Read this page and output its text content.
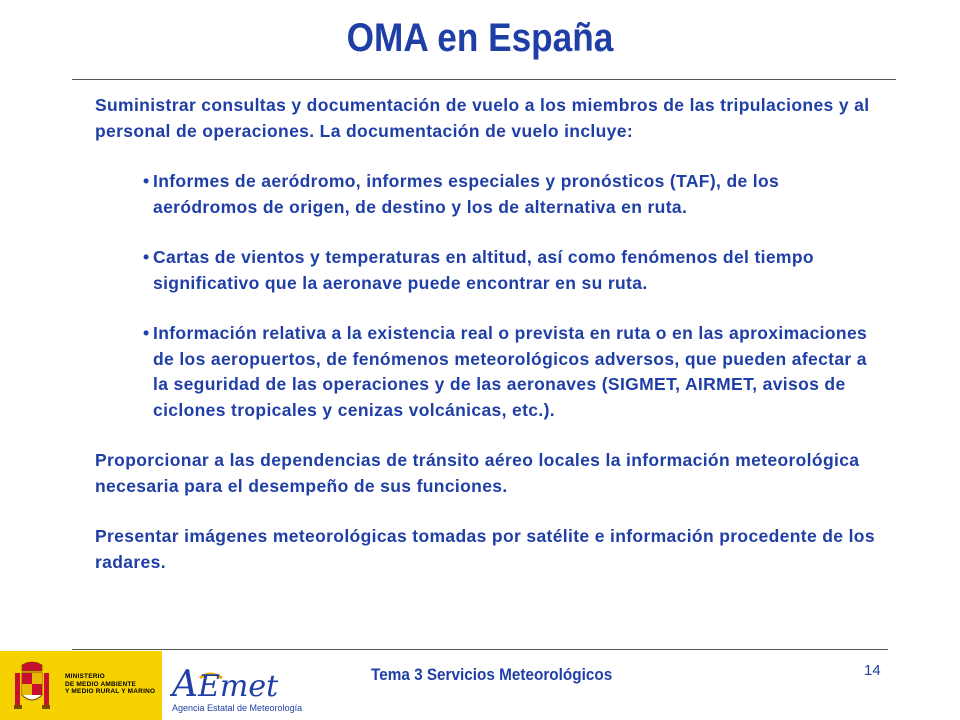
OMA en España

Suministrar consultas y documentación de vuelo a los miembros de las tripulaciones y al personal de operaciones. La documentación de vuelo incluye:

• Informes de aeródromo, informes especiales y pronósticos (TAF), de los aeródromos de origen, de destino y los de alternativa en ruta.
• Cartas de vientos y temperaturas en altitud, así como fenómenos del tiempo significativo que la aeronave puede encontrar en su ruta.
• Información relativa a la existencia real o prevista en ruta o en las aproximaciones de los aeropuertos, de fenómenos meteorológicos adversos, que pueden afectar a la seguridad de las operaciones y de las aeronaves (SIGMET, AIRMET, avisos de ciclones tropicales y cenizas volcánicas, etc.).

Proporcionar a las dependencias de tránsito aéreo locales la información meteorológica necesaria para el desempeño de sus funciones.

Presentar imágenes meteorológicas tomadas por satélite e información procedente de los radares.

MINISTERIO
DE MEDIO AMBIENTE
Y MEDIO RURAL Y MARINO A Emet
Agencia Estatal de Meteorología
Tema 3 Servicios Meteorológicos	14
